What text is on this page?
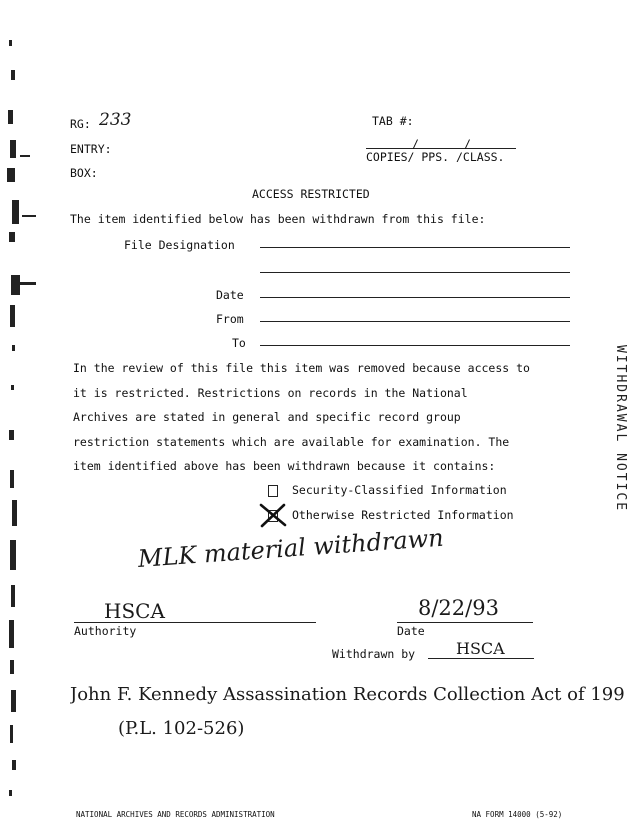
RG: 233
ENTRY:
BOX:
TAB #:
/	/
COPIES/ PPS. /CLASS.
ACCESS RESTRICTED
The item identified below has been withdrawn from this file:
File Designation
Date
From
To
In the review of this file this item was removed because access to
it is restricted. Restrictions on records in the National
Archives are stated in general and specific record group
restriction statements which are available for examination. The
item identified above has been withdrawn because it contains:
Security-Classified Information
Otherwise Restricted Information
MLK material withdrawn
HSCA
Authority
8/22/93
Date
Withdrawn by	HSCA
John F. Kennedy Assassination Records Collection Act of 199
(P.L. 102-526)
WITHDRAWAL NOTICE
NATIONAL ARCHIVES AND RECORDS ADMINISTRATION	NA FORM 14000 (5-92)
